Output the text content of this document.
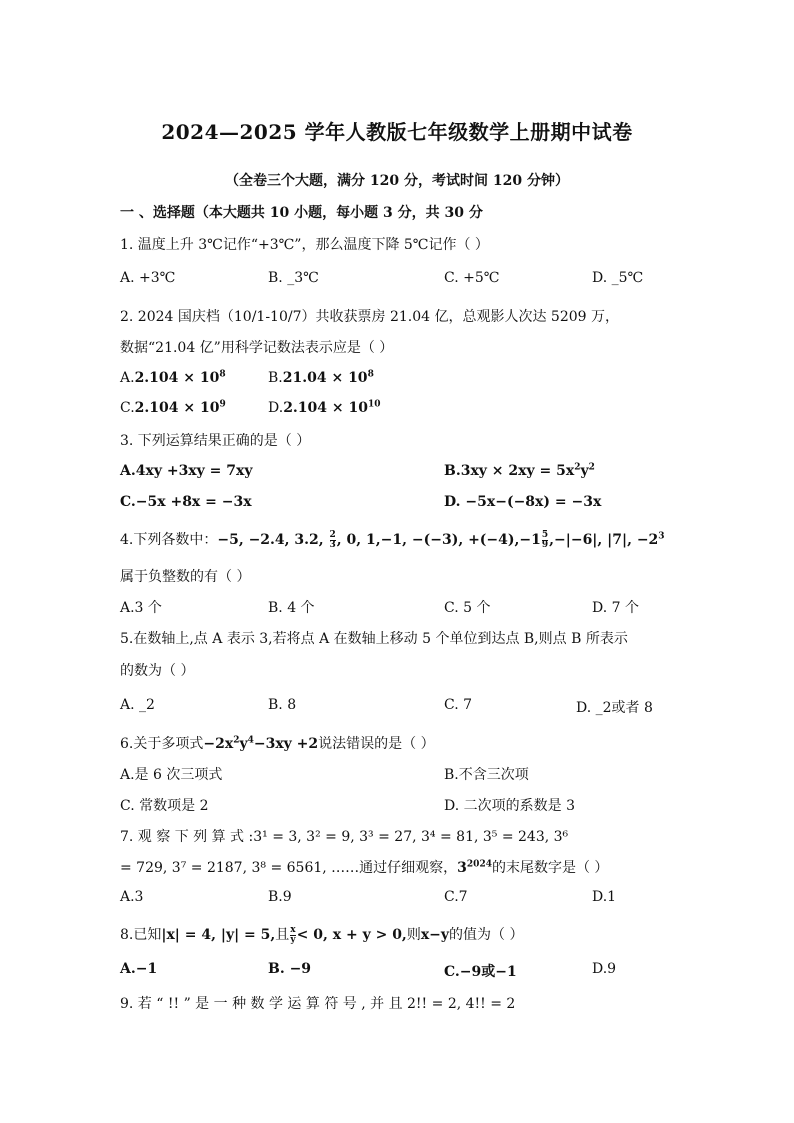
2024—2025 学年人教版七年级数学上册期中试卷
（全卷三个大题，满分 120 分，考试时间 120 分钟）
一 、选择题（本大题共 10 小题，每小题 3 分，共 30 分
1. 温度上升 3℃记作“+3℃”，那么温度下降 5℃记作（ ）
A. +3℃	B. _3℃	C. +5℃	D. _5℃
2. 2024 国庆档（10/1-10/7）共收获票房 21.04 亿，总观影人次达 5209 万，
数据“21.04 亿”用科学记数法表示应是（ ）
$A.2.104 \times 10^8$	$B.21.04 \times 10^8$
$C.2.104 \times 10^9$	$D.2.104 \times 10^{10}$
3. 下列运算结果正确的是（ ）
A.4xy +3xy = 7xy	$B.3xy \times 2xy = 5x^2y^2$
C.−5x +8x = −3x	D. −5x−(−8x) = −3x
4.下列各数中：−5, −2.4, 3.2, $\frac{2}{3}$ , 0, 1,−1, −(−3), $+(-4),-1 \frac{5}{9} ,-|-6|$, |7|, $-2^3$
属于负整数的有（ ）
A.3 个	B. 4 个	C. 5 个	D. 7 个
5.在数轴上,点 A 表示 3,若将点 A 在数轴上移动 5 个单位到达点 B,则点 B 所表示
的数为（ ）
A. _2	B. 8	C. 7	D. _2或者 8
6.关于多项式$-2x^2y^4-3xy +2$说法错误的是（ ）
A.是 6 次三项式	B.不含三次项
C. 常数项是 2	D. 二次项的系数是 3
7. 观 察 下 列 算 式 :3¹ = 3, 3² = 9, 3³ = 27, 3⁴ = 81, 3⁵ = 243, 3⁶
= 729, 3⁷ = 2187, 3⁸ = 6561, ……通过仔细观察，$3^{2024}$的末尾数字是（ ）
A.3	B.9	C.7	D.1
8.已知|x| = 4, |y| = 5,且 $\frac{x}{y} < 0$, x + y > 0,则x−y的值为（ ）
A.−1	B. −9	C.−9或−1	D.9
9. 若 “ !! ” 是 一 种 数 学 运 算 符 号 , 并 且 2!! = 2, 4!! = 2
